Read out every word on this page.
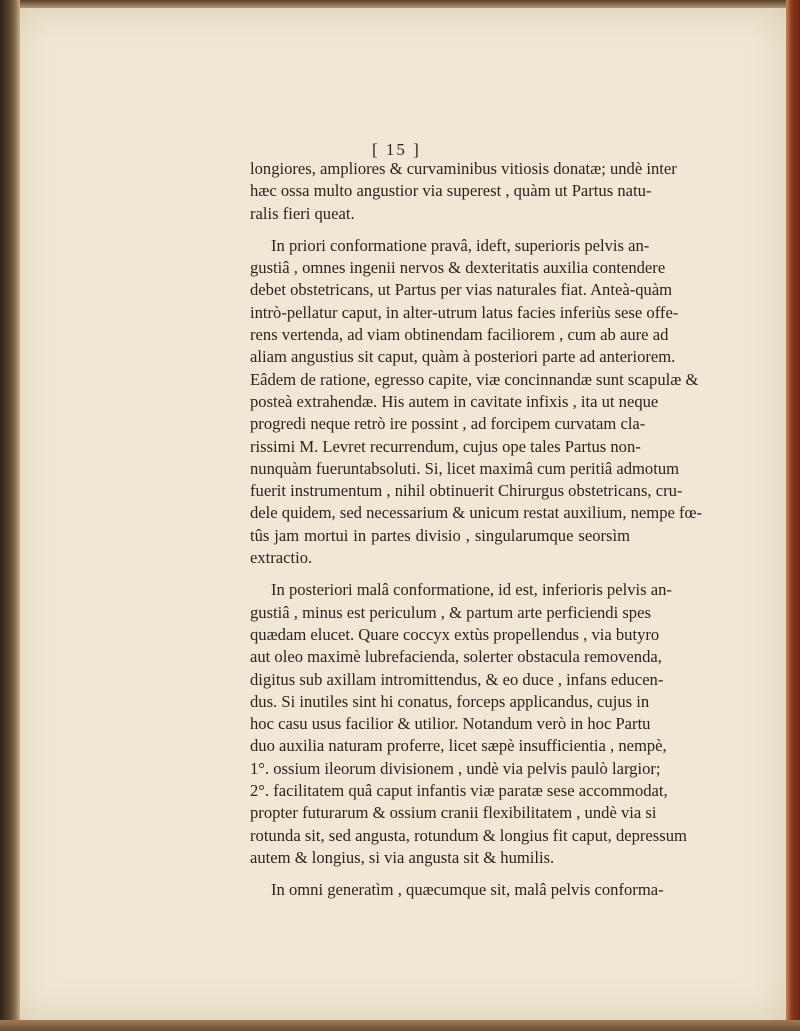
[ 15 ]
longiores, ampliores & curvaminibus vitiosis donatæ; undè inter
hæc ossa multo angustior via superest , quàm ut Partus natu-
ralis fieri queat.
In priori conformatione pravâ, ideft, superioris pelvis an-
gustiâ , omnes ingenii nervos & dexteritatis auxilia contendere
debet obstetricans, ut Partus per vias naturales fiat. Anteà-quàm
intrò-pellatur caput, in alter-utrum latus facies inferiùs sese offe-
rens vertenda, ad viam obtinendam faciliorem , cum ab aure ad
aliam angustius sit caput, quàm à posteriori parte ad anteriorem.
Eâdem de ratione, egresso capite, viæ concinnandæ sunt scapulæ &
posteà extrahendæ. His autem in cavitate infixis , ita ut neque
progredi neque retrò ire possint , ad forcipem curvatam cla-
rissimi M. Levret recurrendum, cujus ope tales Partus non-
nunquàm fueruntabsoluti. Si, licet maximâ cum peritiâ admotum
fuerit instrumentum , nihil obtinuerit Chirurgus obstetricans, cru-
dele quidem, sed necessarium & unicum restat auxilium, nempe fœ-
tûs jam mortui in partes divisio , singularumque seorsìm
extractio.
In posteriori malâ conformatione, id est, inferioris pelvis an-
gustiâ , minus est periculum , & partum arte perficiendi spes
quædam elucet. Quare coccyx extùs propellendus , via butyro
aut oleo maximè lubrefacienda, solerter obstacula removenda,
digitus sub axillam intromittendus, & eo duce , infans educen-
dus. Si inutiles sint hi conatus, forceps applicandus, cujus in
hoc casu usus facilior & utilior. Notandum verò in hoc Partu
duo auxilia naturam proferre, licet sæpè insufficientia , nempè,
1°. ossium ileorum divisionem , undè via pelvis paulò largior;
2°. facilitatem quâ caput infantis viæ paratæ sese accommodat,
propter futurarum & ossium cranii flexibilitatem , undè via si
rotunda sit, sed angusta, rotundum & longius fit caput, depressum
autem & longius, si via angusta sit & humilis.
In omni generatìm , quæcumque sit, malâ pelvis conforma-
